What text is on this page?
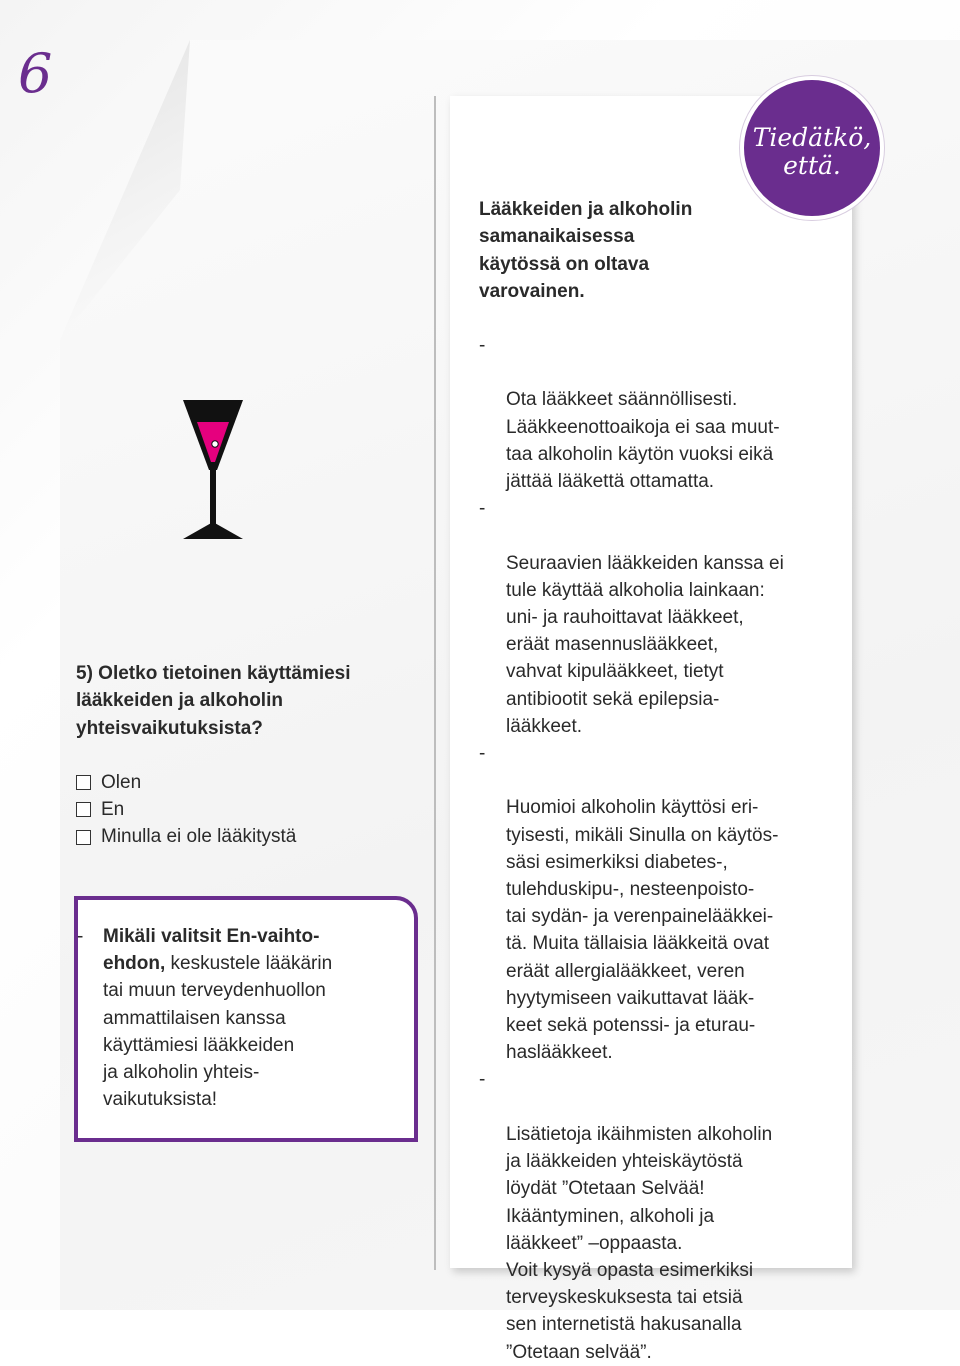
6
Tiedätkö,
että.
Lääkkeiden ja alkoholin
samanaikaisessa
käytössä on oltava
varovainen.

-

Ota lääkkeet säännöllisesti.
Lääkkeenottoaikoja ei saa muut-
taa alkoholin käytön vuoksi eikä
jättää lääkettä ottamatta.

-

Seuraavien lääkkeiden kanssa ei
tule käyttää alkoholia lainkaan:
uni- ja rauhoittavat lääkkeet,
eräät masennuslääkkeet,
vahvat kipulääkkeet, tietyt
antibiootit sekä epilepsia-
lääkkeet.

-

Huomioi alkoholin käyttösi eri-
tyisesti, mikäli Sinulla on käytös-
säsi esimerkiksi diabetes-,
tulehduskipu-, nesteenpoisto-
tai sydän- ja verenpainelääkkei-
tä. Muita tällaisia lääkkeitä ovat
eräät allergialääkkeet, veren
hyytymiseen vaikuttavat lääk-
keet sekä potenssi- ja eturau-
haslääkkeet.

-

Lisätietoja ikäihmisten alkoholin
ja lääkkeiden yhteiskäytöstä
löydät ”Otetaan Selvää!
Ikääntyminen, alkoholi ja
lääkkeet” –oppaasta.

Voit kysyä opasta esimerkiksi
terveyskeskuksesta tai etsiä
sen internetistä hakusanalla
”Otetaan selvää”.
5) Oletko tietoinen käyttämiesi
lääkkeiden ja alkoholin
yhteisvaikutuksista?
Olen
En
Minulla ei ole lääkitystä
- Mikäli valitsit En-vaihto-
ehdon, keskustele lääkärin
tai muun terveydenhuollon
ammattilaisen kanssa
käyttämiesi lääkkeiden
ja alkoholin yhteis-
vaikutuksista!
